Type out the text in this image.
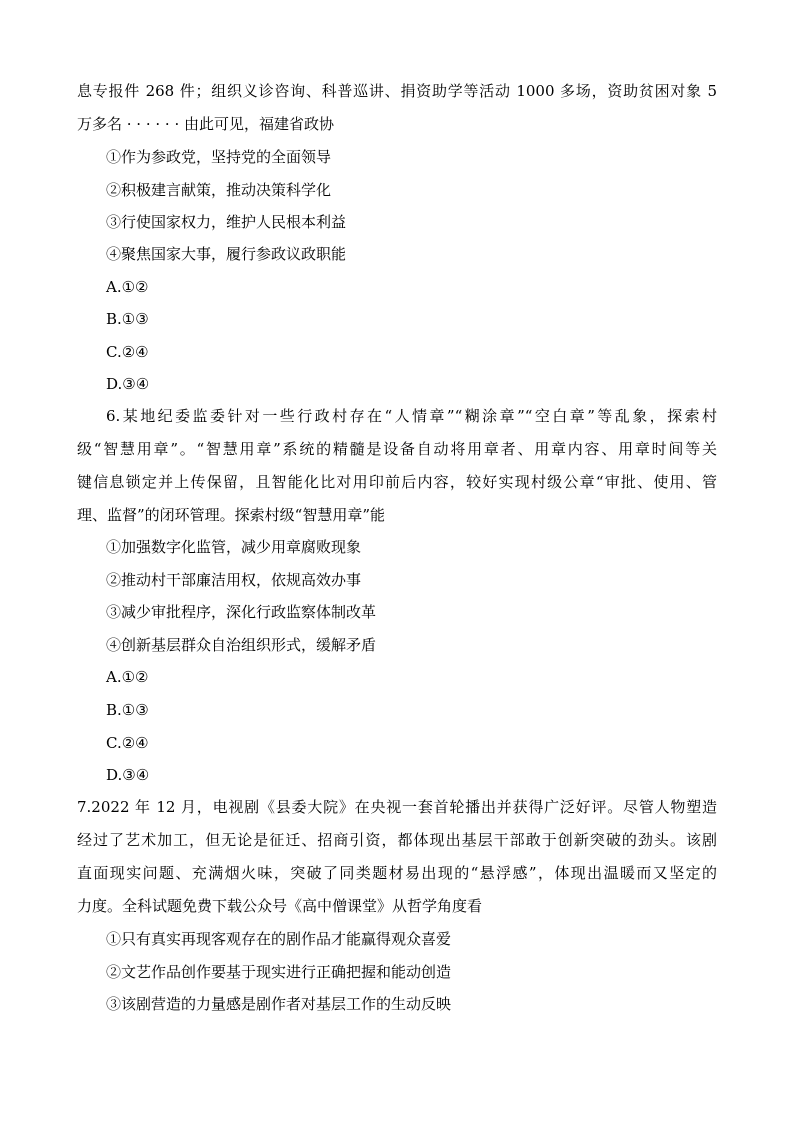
息专报件 268 件；组织义诊咨询、科普巡讲、捐资助学等活动 1000 多场，资助贫困对象 5
万多名 · · · · · · 由此可见，福建省政协
①作为参政党，坚持党的全面领导
②积极建言献策，推动决策科学化
③行使国家权力，维护人民根本利益
④聚焦国家大事，履行参政议政职能
A.①②
B.①③
C.②④
D.③④
6.某地纪委监委针对一些行政村存在“人情章”“糊涂章”“空白章”等乱象，探索村
级“智慧用章”。“智慧用章”系统的精髓是设备自动将用章者、用章内容、用章时间等关
键信息锁定并上传保留，且智能化比对用印前后内容，较好实现村级公章“审批、使用、管
理、监督”的闭环管理。探索村级“智慧用章”能
①加强数字化监管，减少用章腐败现象
②推动村干部廉洁用权，依规高效办事
③减少审批程序，深化行政监察体制改革
④创新基层群众自治组织形式，缓解矛盾
A.①②
B.①③
C.②④
D.③④
7.2022 年 12 月，电视剧《县委大院》在央视一套首轮播出并获得广泛好评。尽管人物塑造
经过了艺术加工，但无论是征迁、招商引资，都体现出基层干部敢于创新突破的劲头。该剧
直面现实问题、充满烟火味，突破了同类题材易出现的“悬浮感”，体现出温暖而又坚定的
力度。全科试题免费下载公众号《高中僧课堂》从哲学角度看
①只有真实再现客观存在的剧作品才能赢得观众喜爱
②文艺作品创作要基于现实进行正确把握和能动创造
③该剧营造的力量感是剧作者对基层工作的生动反映
